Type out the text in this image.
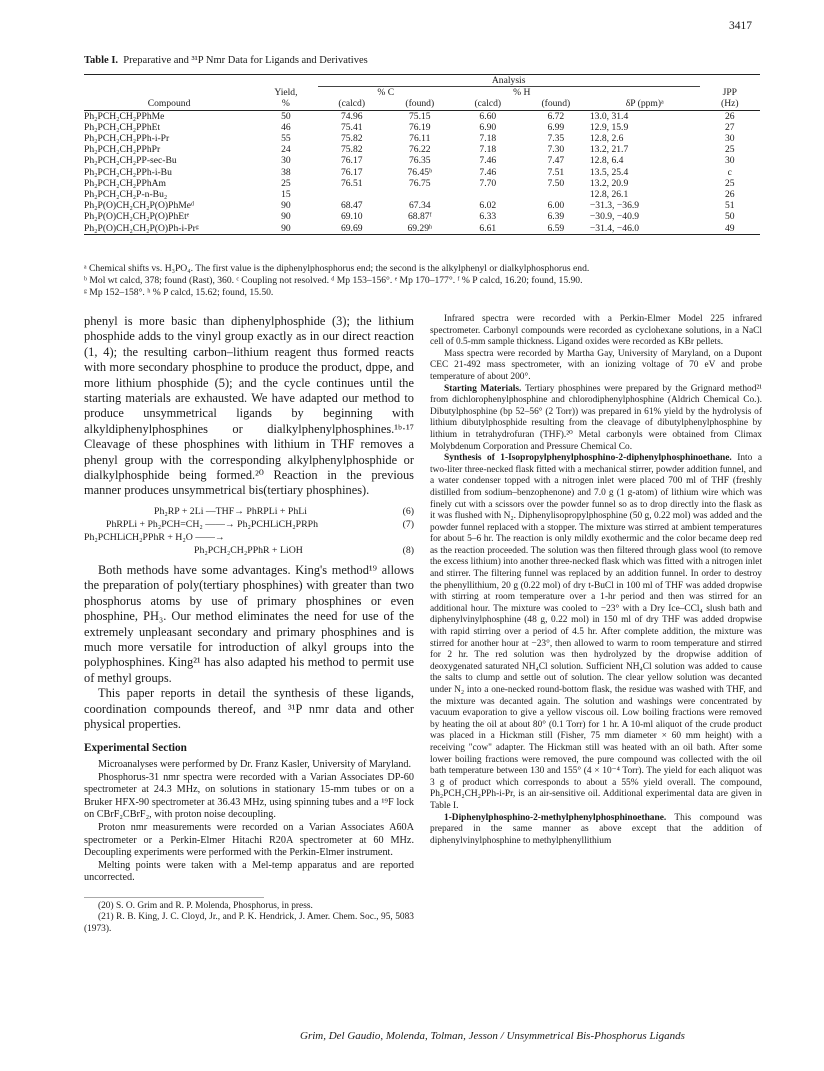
3417
Table I. Preparative and ³¹P Nmr Data for Ligands and Derivatives
		Analysis					
	Yield,	% C		% H			JPP
Compound	%	(calcd)	(found)	(calcd)	(found)	δP (ppm)ᵃ	(Hz)
Ph₂PCH₂CH₂PPhMe	50	74.96	75.15	6.60	6.72	13.0, 31.4	26
Ph₂PCH₂CH₂PPhEt	46	75.41	76.19	6.90	6.99	12.9, 15.9	27
Ph₂PCH₂CH₂PPh-i-Pr	55	75.82	76.11	7.18	7.35	12.8, 2.6	30
Ph₂PCH₂CH₂PPhPr	24	75.82	76.22	7.18	7.30	13.2, 21.7	25
Ph₂PCH₂CH₂PP-sec-Bu	30	76.17	76.35	7.46	7.47	12.8, 6.4	30
Ph₂PCH₂CH₂PPh-i-Bu	38	76.17	76.45ᵇ	7.46	7.51	13.5, 25.4	c
Ph₂PCH₂CH₂PPhAm	25	76.51	76.75	7.70	7.50	13.2, 20.9	25
Ph₂PCH₂CH₂P-n-Bu₂	15					12.8, 26.1	26
Ph₂P(O)CH₂CH₂P(O)PhMeᵈ	90	68.47	67.34	6.02	6.00	−31.3, −36.9	51
Ph₂P(O)CH₂CH₂P(O)PhEtᵉ	90	69.10	68.87ᶠ	6.33	6.39	−30.9, −40.9	50
Ph₂P(O)CH₂CH₂P(O)Ph-i-Prᵍ	90	69.69	69.29ʰ	6.61	6.59	−31.4, −46.0	49
ᵃ Chemical shifts vs. H₃PO₄. The first value is the diphenylphosphorus end; the second is the alkylphenyl or dialkylphosphorus end.
ᵇ Mol wt calcd, 378; found (Rast), 360. ᶜ Coupling not resolved. ᵈ Mp 153–156°. ᵉ Mp 170–177°. ᶠ % P calcd, 16.20; found, 15.90.
ᵍ Mp 152–158°. ʰ % P calcd, 15.62; found, 15.50.

phenyl is more basic than diphenylphosphide (3); the lithium phosphide adds to the vinyl group exactly as in our direct reaction (1, 4); the resulting carbon–lithium reagent thus formed reacts with more secondary phosphine to produce the product, dppe, and more lithium phosphide (5); and the cycle continues until the starting materials are exhausted. We have adapted our method to produce unsymmetrical ligands by beginning with alkyldiphenylphosphines or dialkylphenylphosphines.¹ᵇ·¹⁷ Cleavage of these phosphines with lithium in THF removes a phenyl group with the corresponding alkylphenylphosphide or dialkylphosphide being formed.²⁰ Reaction in the previous manner produces unsymmetrical bis(tertiary phosphines).

Ph₂RP + 2Li —THF→ PhRPLi + PhLi	(6)
PhRPLi + Ph₂PCH=CH₂ ——→ Ph₂PCHLiCH₂PRPh	(7)
Ph₂PCHLiCH₂PPhR + H₂O ——→
Ph₂PCH₂CH₂PPhR + LiOH	(8)

Both methods have some advantages. King's method¹⁹ allows the preparation of poly(tertiary phosphines) with greater than two phosphorus atoms by use of primary phosphines or even phosphine, PH₃. Our method eliminates the need for use of the extremely unpleasant secondary and primary phosphines and is much more versatile for introduction of alkyl groups into the polyphosphines. King²¹ has also adapted his method to permit use of methyl groups.

This paper reports in detail the synthesis of these ligands, coordination compounds thereof, and ³¹P nmr data and other physical properties.

Experimental Section

Microanalyses were performed by Dr. Franz Kasler, University of Maryland.

Phosphorus-31 nmr spectra were recorded with a Varian Associates DP-60 spectrometer at 24.3 MHz, on solutions in stationary 15-mm tubes or on a Bruker HFX-90 spectrometer at 36.43 MHz, using spinning tubes and a ¹⁹F lock on CBrF₂CBrF₂, with proton noise decoupling.

Proton nmr measurements were recorded on a Varian Associates A60A spectrometer or a Perkin-Elmer Hitachi R20A spectrometer at 60 MHz. Decoupling experiments were performed with the Perkin-Elmer instrument.

Melting points were taken with a Mel-temp apparatus and are reported uncorrected.

(20) S. O. Grim and R. P. Molenda, Phosphorus, in press.
(21) R. B. King, J. C. Cloyd, Jr., and P. K. Hendrick, J. Amer. Chem. Soc., 95, 5083 (1973).

Infrared spectra were recorded with a Perkin-Elmer Model 225 infrared spectrometer. Carbonyl compounds were recorded as cyclohexane solutions, in a NaCl cell of 0.5-mm sample thickness. Ligand oxides were recorded as KBr pellets.

Mass spectra were recorded by Martha Gay, University of Maryland, on a Dupont CEC 21-492 mass spectrometer, with an ionizing voltage of 70 eV and probe temperature of about 200°.

Starting Materials. Tertiary phosphines were prepared by the Grignard method²¹ from dichlorophenylphosphine and chlorodiphenylphosphine (Aldrich Chemical Co.). Dibutylphosphine (bp 52–56° (2 Torr)) was prepared in 61% yield by the hydrolysis of lithium dibutylphosphide resulting from the cleavage of dibutylphenylphosphine by lithium in tetrahydrofuran (THF).²⁰ Metal carbonyls were obtained from Climax Molybdenum Corporation and Pressure Chemical Co.

Synthesis of 1-Isopropylphenylphosphino-2-diphenylphosphinoethane. Into a two-liter three-necked flask fitted with a mechanical stirrer, powder addition funnel, and a water condenser topped with a nitrogen inlet were placed 700 ml of THF (freshly distilled from sodium–benzophenone) and 7.0 g (1 g-atom) of lithium wire which was finely cut with a scissors over the powder funnel so as to drop directly into the flask as it was flushed with N₂. Diphenylisopropylphosphine (50 g, 0.22 mol) was added and the powder funnel replaced with a stopper. The mixture was stirred at ambient temperatures for about 5–6 hr. The reaction is only mildly exothermic and the color became deep red as the reaction proceeded. The solution was then filtered through glass wool (to remove the excess lithium) into another three-necked flask which was fitted with a nitrogen inlet and stirrer. The filtering funnel was replaced by an addition funnel. In order to destroy the phenyllithium, 20 g (0.22 mol) of dry t-BuCl in 100 ml of THF was added dropwise with stirring at room temperature over a 1-hr period and then was stirred for an additional hour. The mixture was cooled to −23° with a Dry Ice–CCl₄ slush bath and diphenylvinylphosphine (48 g, 0.22 mol) in 150 ml of dry THF was added dropwise with rapid stirring over a period of 4.5 hr. After complete addition, the mixture was stirred for another hour at −23°, then allowed to warm to room temperature and stirred for 2 hr. The red solution was then hydrolyzed by the dropwise addition of deoxygenated saturated NH₄Cl solution. Sufficient NH₄Cl solution was added to cause the salts to clump and settle out of solution. The clear yellow solution was decanted under N₂ into a one-necked round-bottom flask, the residue was washed with THF, and the mixture was decanted again. The solution and washings were concentrated by vacuum evaporation to give a yellow viscous oil. Low boiling fractions were removed by heating the oil at about 80° (0.1 Torr) for 1 hr. A 10-ml aliquot of the crude product was placed in a Hickman still (Fisher, 75 mm diameter × 60 mm height) with a receiving "cow" adapter. The Hickman still was heated with an oil bath. After some lower boiling fractions were removed, the pure compound was collected with the oil bath temperature between 130 and 155° (4 × 10⁻⁴ Torr). The yield for each aliquot was 3 g of product which corresponds to about a 55% yield overall. The compound, Ph₂PCH₂CH₂PPh-i-Pr, is an air-sensitive oil. Additional experimental data are given in Table I.

1-Diphenylphosphino-2-methylphenylphosphinoethane. This compound was prepared in the same manner as above except that the addition of diphenylvinylphosphine to methylphenyllithium

Grim, Del Gaudio, Molenda, Tolman, Jesson / Unsymmetrical Bis-Phosphorus Ligands
